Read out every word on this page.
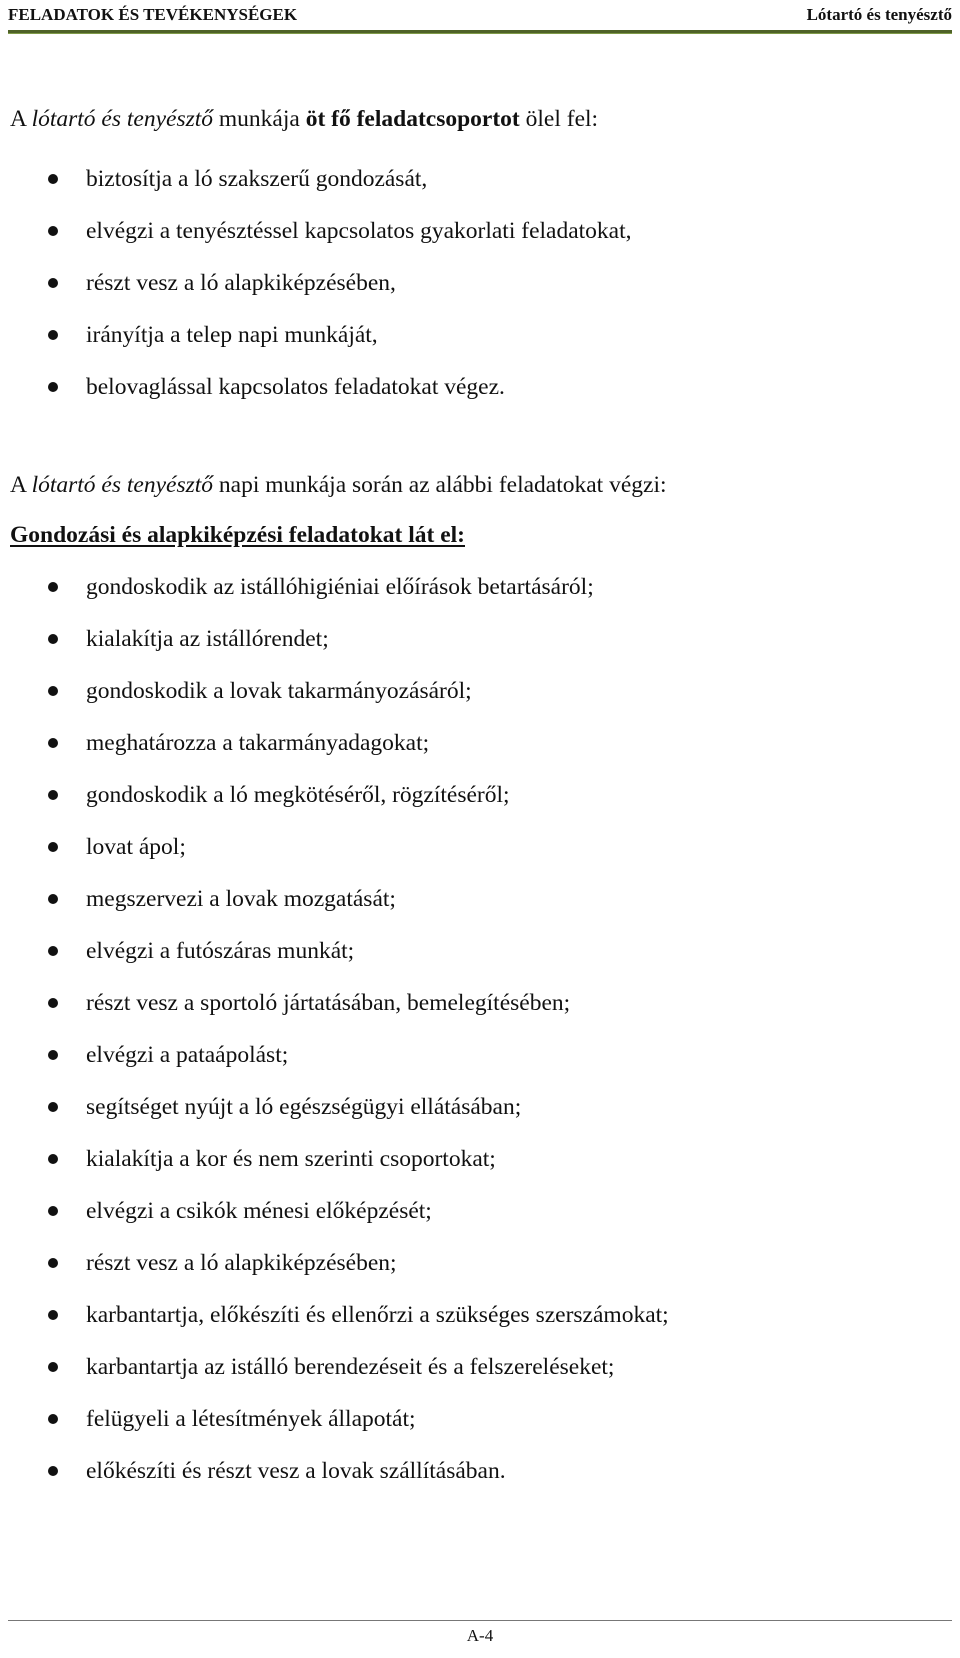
FELADATOK ÉS TEVÉKENYSÉGEK	Lótartó és tenyésztő

A lótartó és tenyésztő munkája öt fő feladatcsoportot ölel fel:

biztosítja a ló szakszerű gondozását,
elvégzi a tenyésztéssel kapcsolatos gyakorlati feladatokat,
részt vesz a ló alapkiképzésében,
irányítja a telep napi munkáját,
belovaglással kapcsolatos feladatokat végez.

A lótartó és tenyésztő napi munkája során az alábbi feladatokat végzi:

Gondozási és alapkiképzési feladatokat lát el:

gondoskodik az istállóhigiéniai előírások betartásáról;
kialakítja az istállórendet;
gondoskodik a lovak takarmányozásáról;
meghatározza a takarmányadagokat;
gondoskodik a ló megkötéséről, rögzítéséről;
lovat ápol;
megszervezi a lovak mozgatását;
elvégzi a futószáras munkát;
részt vesz a sportoló jártatásában, bemelegítésében;
elvégzi a pataápolást;
segítséget nyújt a ló egészségügyi ellátásában;
kialakítja a kor és nem szerinti csoportokat;
elvégzi a csikók ménesi előképzését;
részt vesz a ló alapkiképzésében;
karbantartja, előkészíti és ellenőrzi a szükséges szerszámokat;
karbantartja az istálló berendezéseit és a felszereléseket;
felügyeli a létesítmények állapotát;
előkészíti és részt vesz a lovak szállításában.
A-4
